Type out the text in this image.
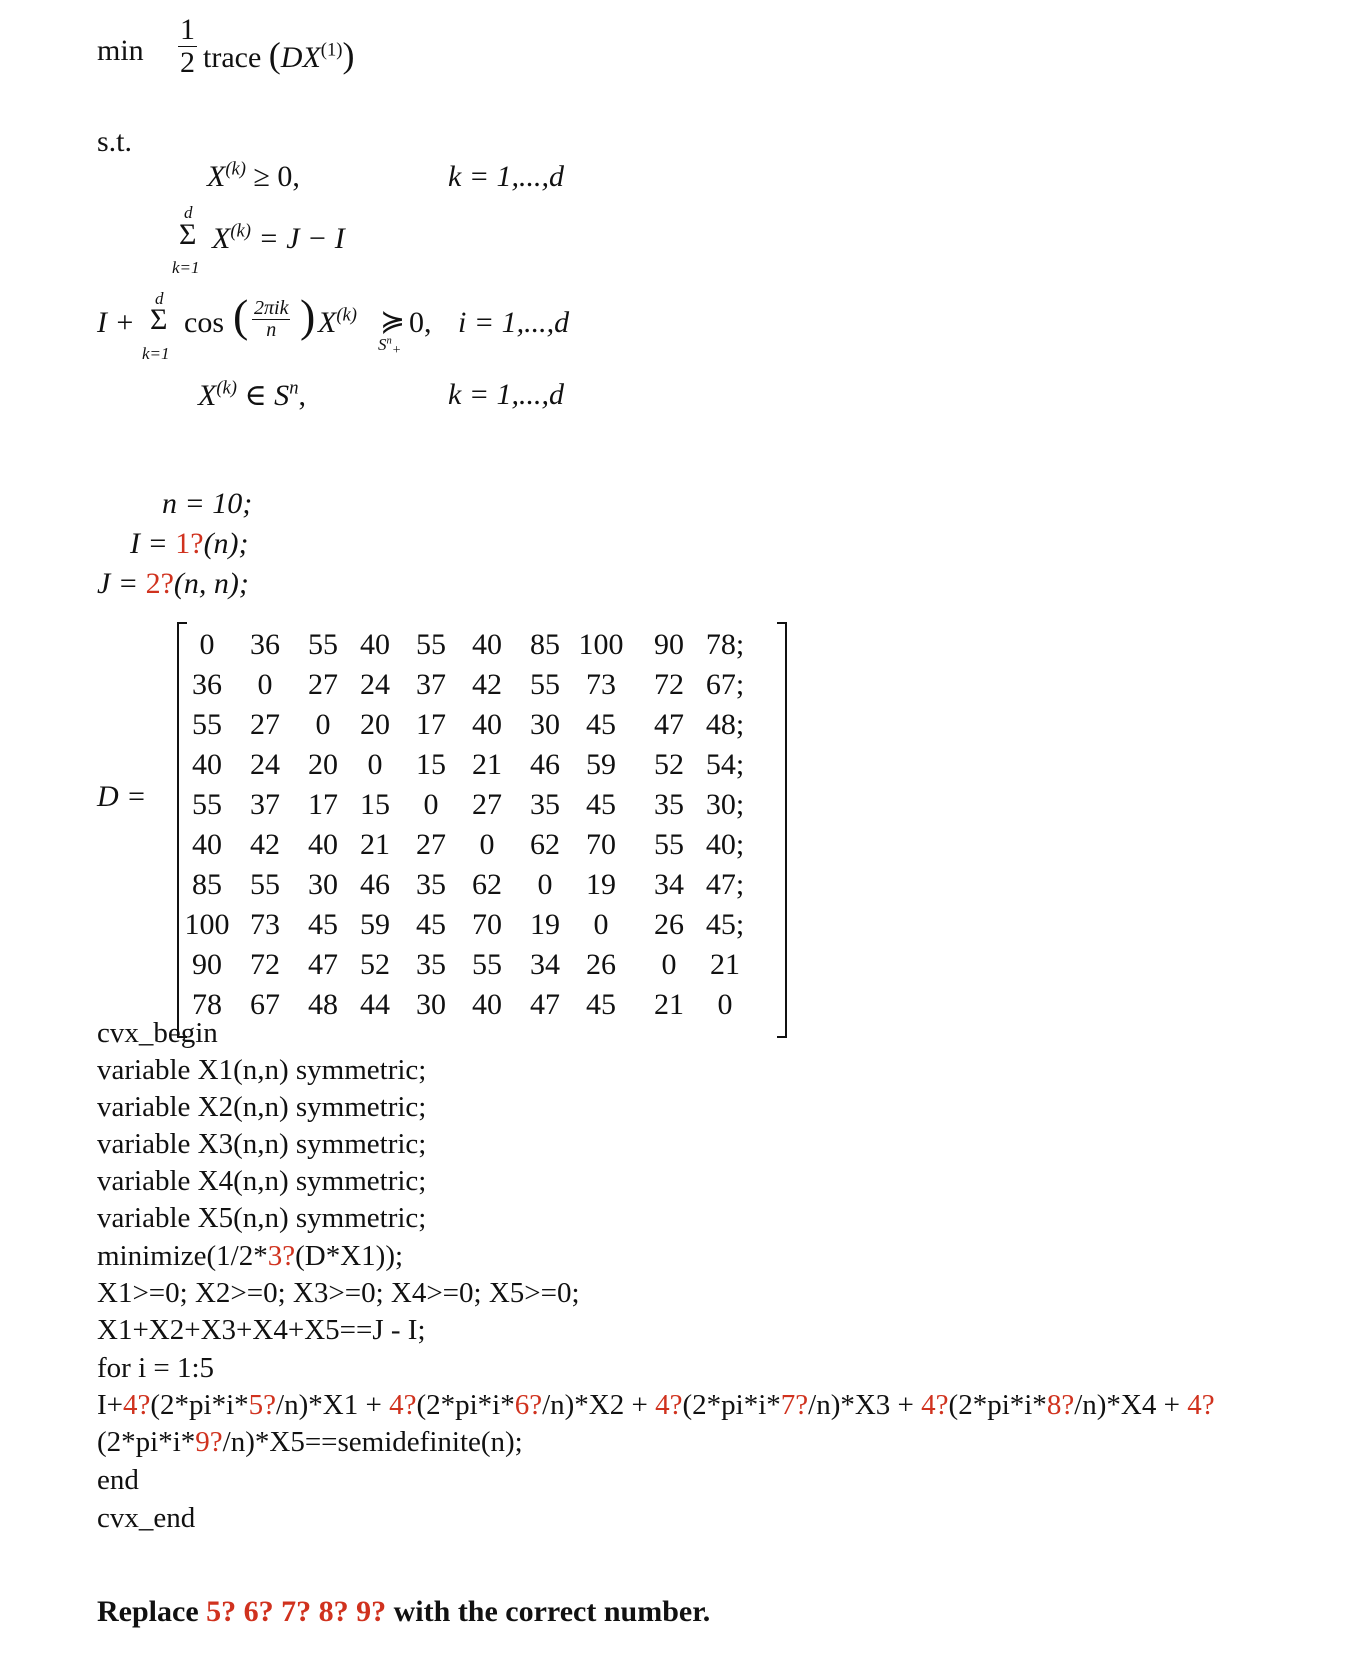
$\min \frac{1}{2}$ trace (DX$^{(1)}$)
s.t.
$X^{(k)} \ge 0$,	k = 1,...,d
d
Σ
k=1
$X^{(k)} = J - I$
I +
d
Σ
k=1
cos ( $\frac{\text{2πik}}{n}$ ) $X^{(k)}$ ≽
$S^n_+$
0, i = 1,...,d
$X^{(k)}$ ∈ $S^n$,	k = 1,...,d
n = 10;
I = 1?(n);
J = 2?(n, n);
D =
0	36 55 40 55 40 85 100	90 78;
36	0	27 24 37 42 55 73	72 67;
55 27	0 20 17 40 30 45	47 48;
40 24 20 0	15 21 46 59	52 54;
55 37 17 15	0	27 35 45	35 30;
40 42 40 21 27	0	62 70	55 40;
85 55 30 46 35 62	0	19	34 47;
100 73 45 59 45 70 19	0	26 45;
90 72 47 52 35 55 34 26	0	21
78 67 48 44 30 40 47 45	21	0
cvx_begin
variable X1(n,n) symmetric;
variable X2(n,n) symmetric;
variable X3(n,n) symmetric;
variable X4(n,n) symmetric;
variable X5(n,n) symmetric;
minimize(1/2*3?(D*X1));
X1>=0; X2>=0; X3>=0; X4>=0; X5>=0;
X1+X2+X3+X4+X5==J - I;
for i = 1:5
I+4?(2*pi*i*5?/n)*X1 + 4?(2*pi*i*6?/n)*X2 + 4?(2*pi*i*7?/n)*X3 + 4?(2*pi*i*8?/n)*X4 + 4?
(2*pi*i*9?/n)*X5==semidefinite(n);
end
cvx_end
Replace 5? 6? 7? 8? 9? with the correct number.
